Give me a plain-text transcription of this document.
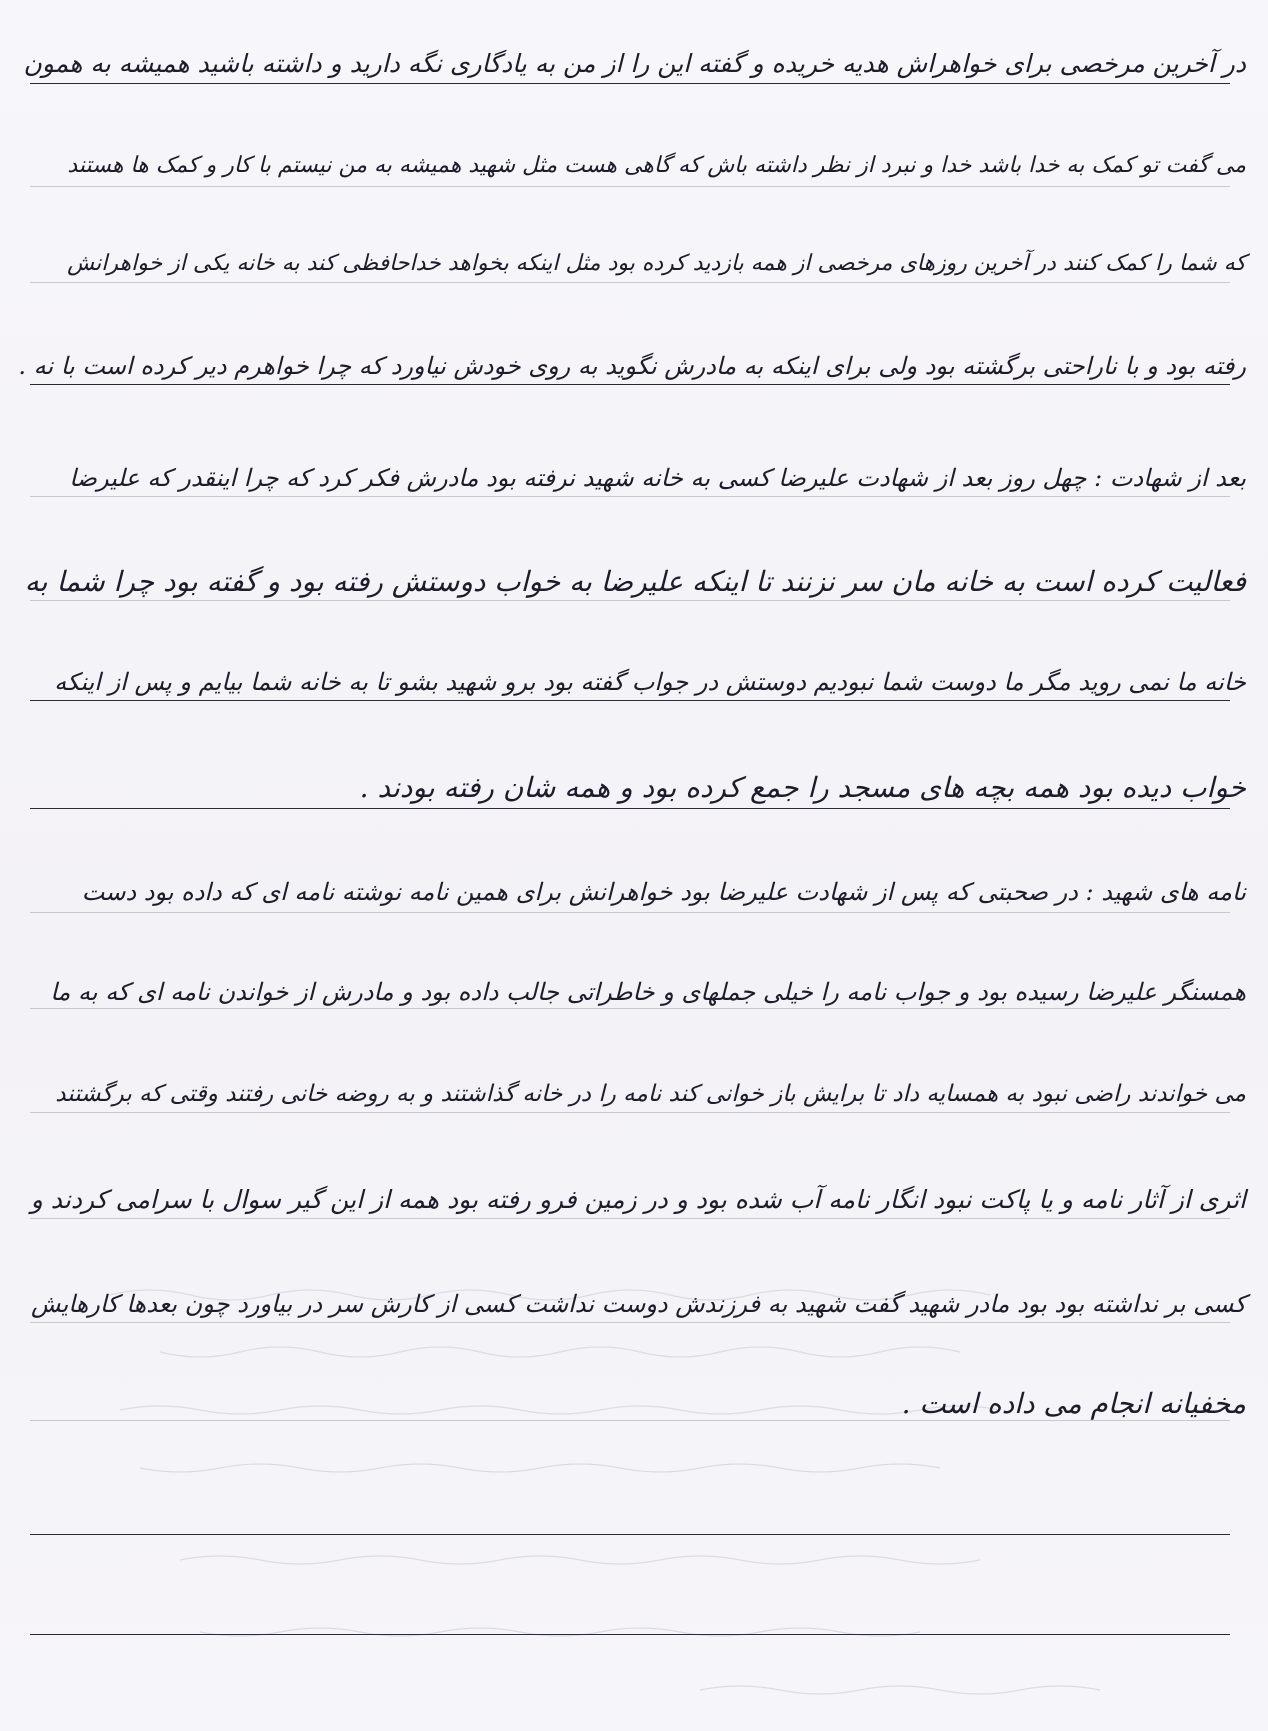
در آخرین مرخصی برای خواهراش هدیه خریده و گفته این را از من به یادگاری نگه دارید و داشته باشید همیشه به همون
می گفت تو کمک به خدا باشد خدا و نبرد از نظر داشته باش که گاهی هست مثل شهید همیشه به من نیستم با کار و کمک ها هستند
که شما را کمک کنند در آخرین روزهای مرخصی از همه بازدید کرده بود مثل اینکه بخواهد خداحافظی کند به خانه یکی از خواهرانش
رفته بود و با ناراحتی برگشته بود ولی برای اینکه به مادرش نگوید به روی خودش نیاورد که چرا خواهرم دیر کرده است با نه .
بعد از شهادت : چهل روز بعد از شهادت علیرضا کسی به خانه شهید نرفته بود مادرش فکر کرد که چرا اینقدر که علیرضا
فعالیت کرده است به خانه مان سر نزنند تا اینکه علیرضا به خواب دوستش رفته بود و گفته بود چرا شما به
خانه ما نمی روید مگر ما دوست شما نبودیم دوستش در جواب گفته بود برو شهید بشو تا به خانه شما بیایم و پس از اینکه
خواب دیده بود همه بچه های مسجد را جمع کرده بود و همه شان رفته بودند .
نامه های شهید : در صحبتی که پس از شهادت علیرضا بود خواهرانش برای همین نامه نوشته نامه ای که داده بود دست
همسنگر علیرضا رسیده بود و جواب نامه را خیلی جملهای و خاطراتی جالب داده بود و مادرش از خواندن نامه ای که به ما
می خواندند راضی نبود به همسایه داد تا برایش باز خوانی کند نامه را در خانه گذاشتند و به روضه خانی رفتند وقتی که برگشتند
اثری از آثار نامه و یا پاکت نبود انگار نامه آب شده بود و در زمین فرو رفته بود همه از این گیر سوال با سرامی کردند و
کسی بر نداشته بود بود مادر شهید گفت شهید به فرزندش دوست نداشت کسی از کارش سر در بیاورد چون بعدها کارهایش
مخفیانه انجام می داده است .
